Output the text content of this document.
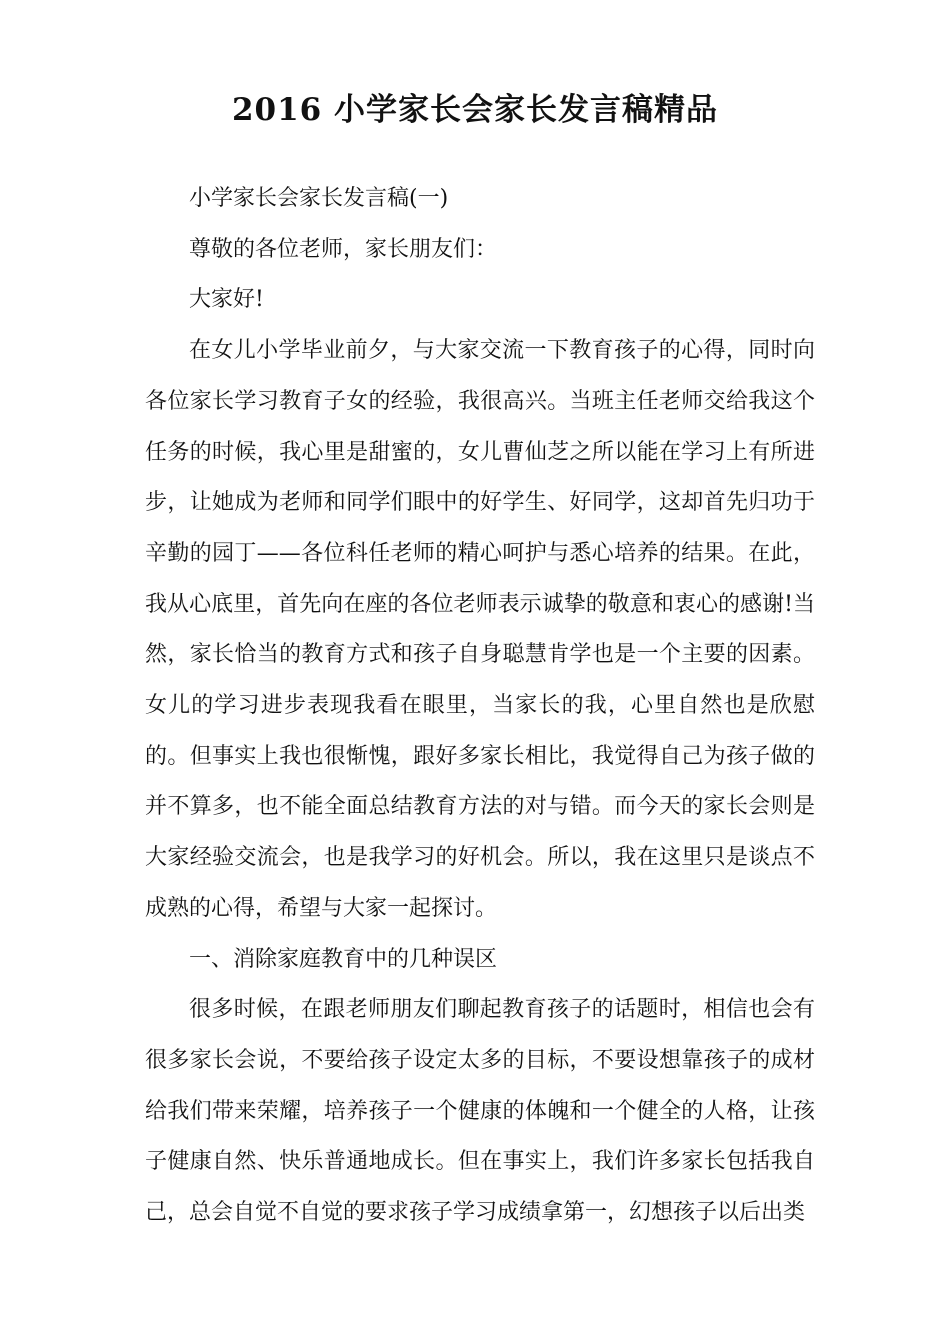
2016 小学家长会家长发言稿精品

小学家长会家长发言稿(一)

尊敬的各位老师，家长朋友们：

大家好!

在女儿小学毕业前夕，与大家交流一下教育孩子的心得，同时向各位家长学习教育子女的经验，我很高兴。当班主任老师交给我这个任务的时候，我心里是甜蜜的，女儿曹仙芝之所以能在学习上有所进步，让她成为老师和同学们眼中的好学生、好同学，这却首先归功于辛勤的园丁——各位科任老师的精心呵护与悉心培养的结果。在此，我从心底里，首先向在座的各位老师表示诚挚的敬意和衷心的感谢!当然，家长恰当的教育方式和孩子自身聪慧肯学也是一个主要的因素。女儿的学习进步表现我看在眼里，当家长的我，心里自然也是欣慰的。但事实上我也很惭愧，跟好多家长相比，我觉得自己为孩子做的并不算多，也不能全面总结教育方法的对与错。而今天的家长会则是大家经验交流会，也是我学习的好机会。所以，我在这里只是谈点不成熟的心得，希望与大家一起探讨。

一、消除家庭教育中的几种误区

很多时候，在跟老师朋友们聊起教育孩子的话题时，相信也会有很多家长会说，不要给孩子设定太多的目标，不要设想靠孩子的成材给我们带来荣耀，培养孩子一个健康的体魄和一个健全的人格，让孩子健康自然、快乐普通地成长。但在事实上，我们许多家长包括我自己，总会自觉不自觉的要求孩子学习成绩拿第一，幻想孩子以后出类
